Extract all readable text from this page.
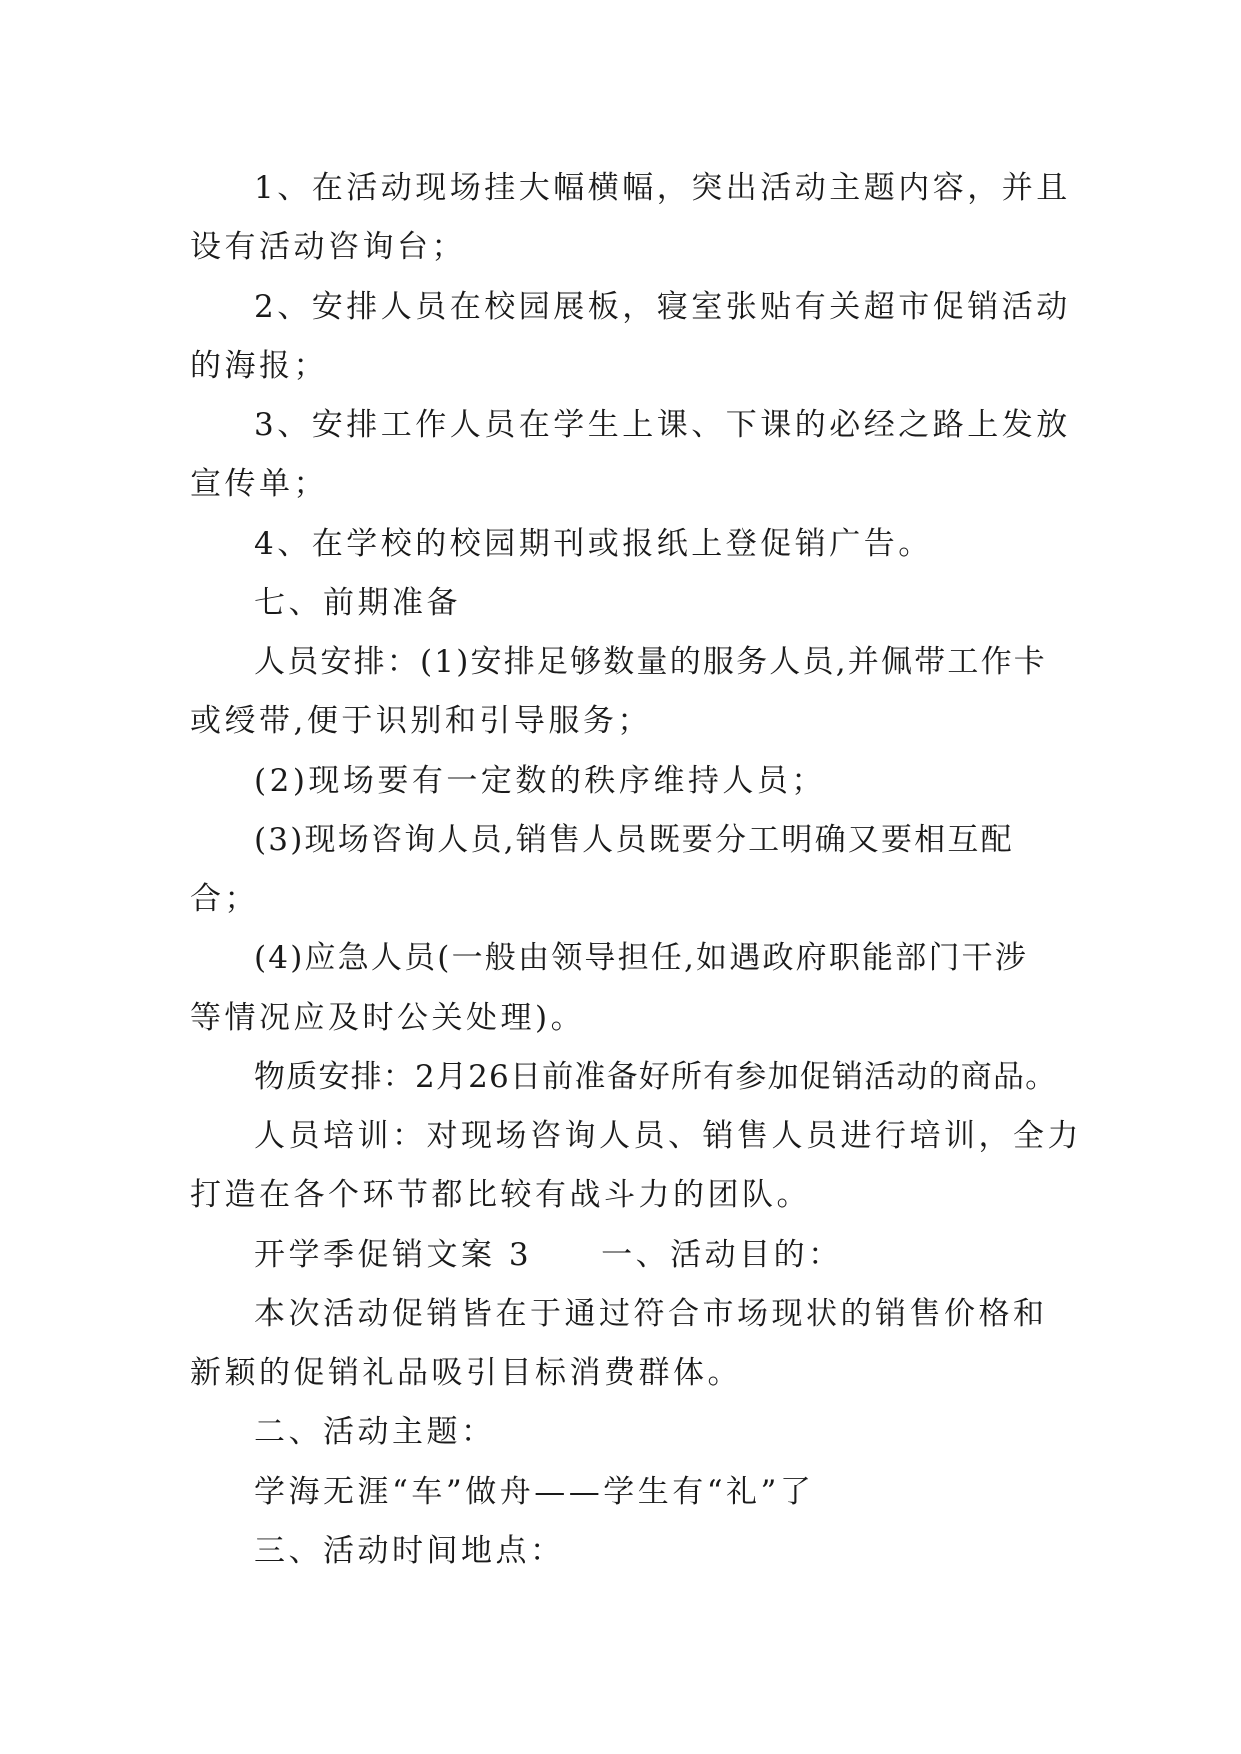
1、在活动现场挂大幅横幅，突出活动主题内容，并且
设有活动咨询台；
2、安排人员在校园展板，寝室张贴有关超市促销活动
的海报；
3、安排工作人员在学生上课、下课的必经之路上发放
宣传单；
4、在学校的校园期刊或报纸上登促销广告。
七、前期准备
人员安排：(1)安排足够数量的服务人员,并佩带工作卡
或绶带,便于识别和引导服务；
(2)现场要有一定数的秩序维持人员；
(3)现场咨询人员,销售人员既要分工明确又要相互配
合；
(4)应急人员(一般由领导担任,如遇政府职能部门干涉
等情况应及时公关处理)。
物质安排：2月26日前准备好所有参加促销活动的商品。
人员培训：对现场咨询人员、销售人员进行培训，全力
打造在各个环节都比较有战斗力的团队。
开学季促销文案 3　　一、活动目的：
本次活动促销皆在于通过符合市场现状的销售价格和
新颖的促销礼品吸引目标消费群体。
二、活动主题：
学海无涯“车”做舟——学生有“礼”了
三、活动时间地点：
